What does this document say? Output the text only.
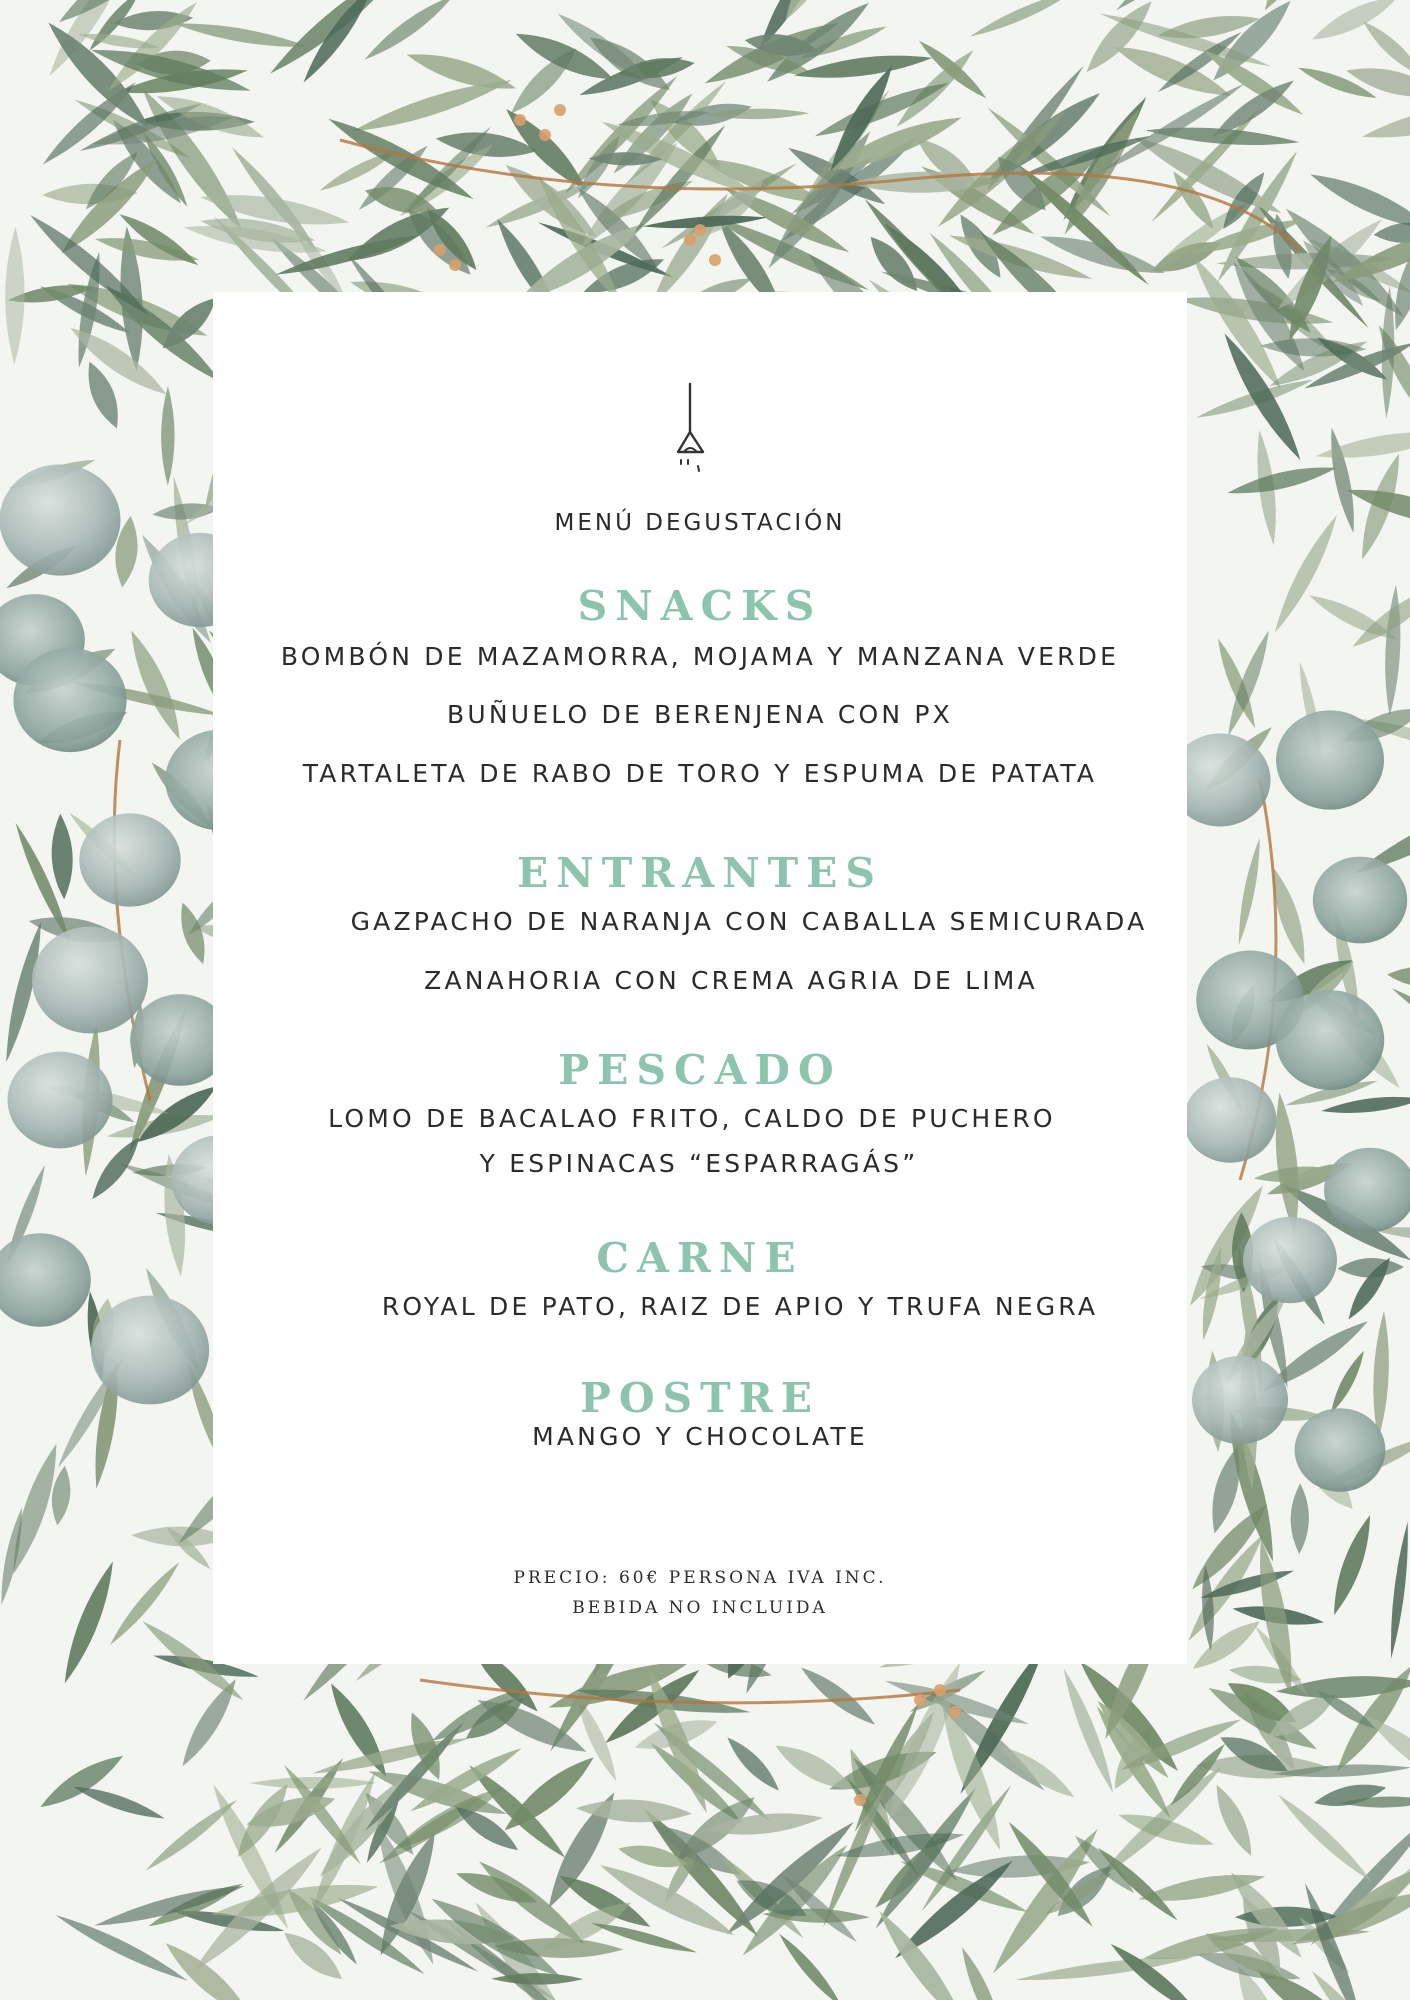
MENÚ DEGUSTACIÓN
SNACKS
BOMBÓN DE MAZAMORRA, MOJAMA Y MANZANA VERDE
BUÑUELO DE BERENJENA CON PX
TARTALETA DE RABO DE TORO Y ESPUMA DE PATATA
ENTRANTES
GAZPACHO DE NARANJA CON CABALLA SEMICURADA
ZANAHORIA CON CREMA AGRIA DE LIMA
PESCADO
LOMO DE BACALAO FRITO, CALDO DE PUCHERO
Y ESPINACAS “ESPARRAGÁS”
CARNE
ROYAL DE PATO, RAIZ DE APIO Y TRUFA NEGRA
POSTRE
MANGO Y CHOCOLATE
PRECIO: 60€ PERSONA IVA INC.
BEBIDA NO INCLUIDA
